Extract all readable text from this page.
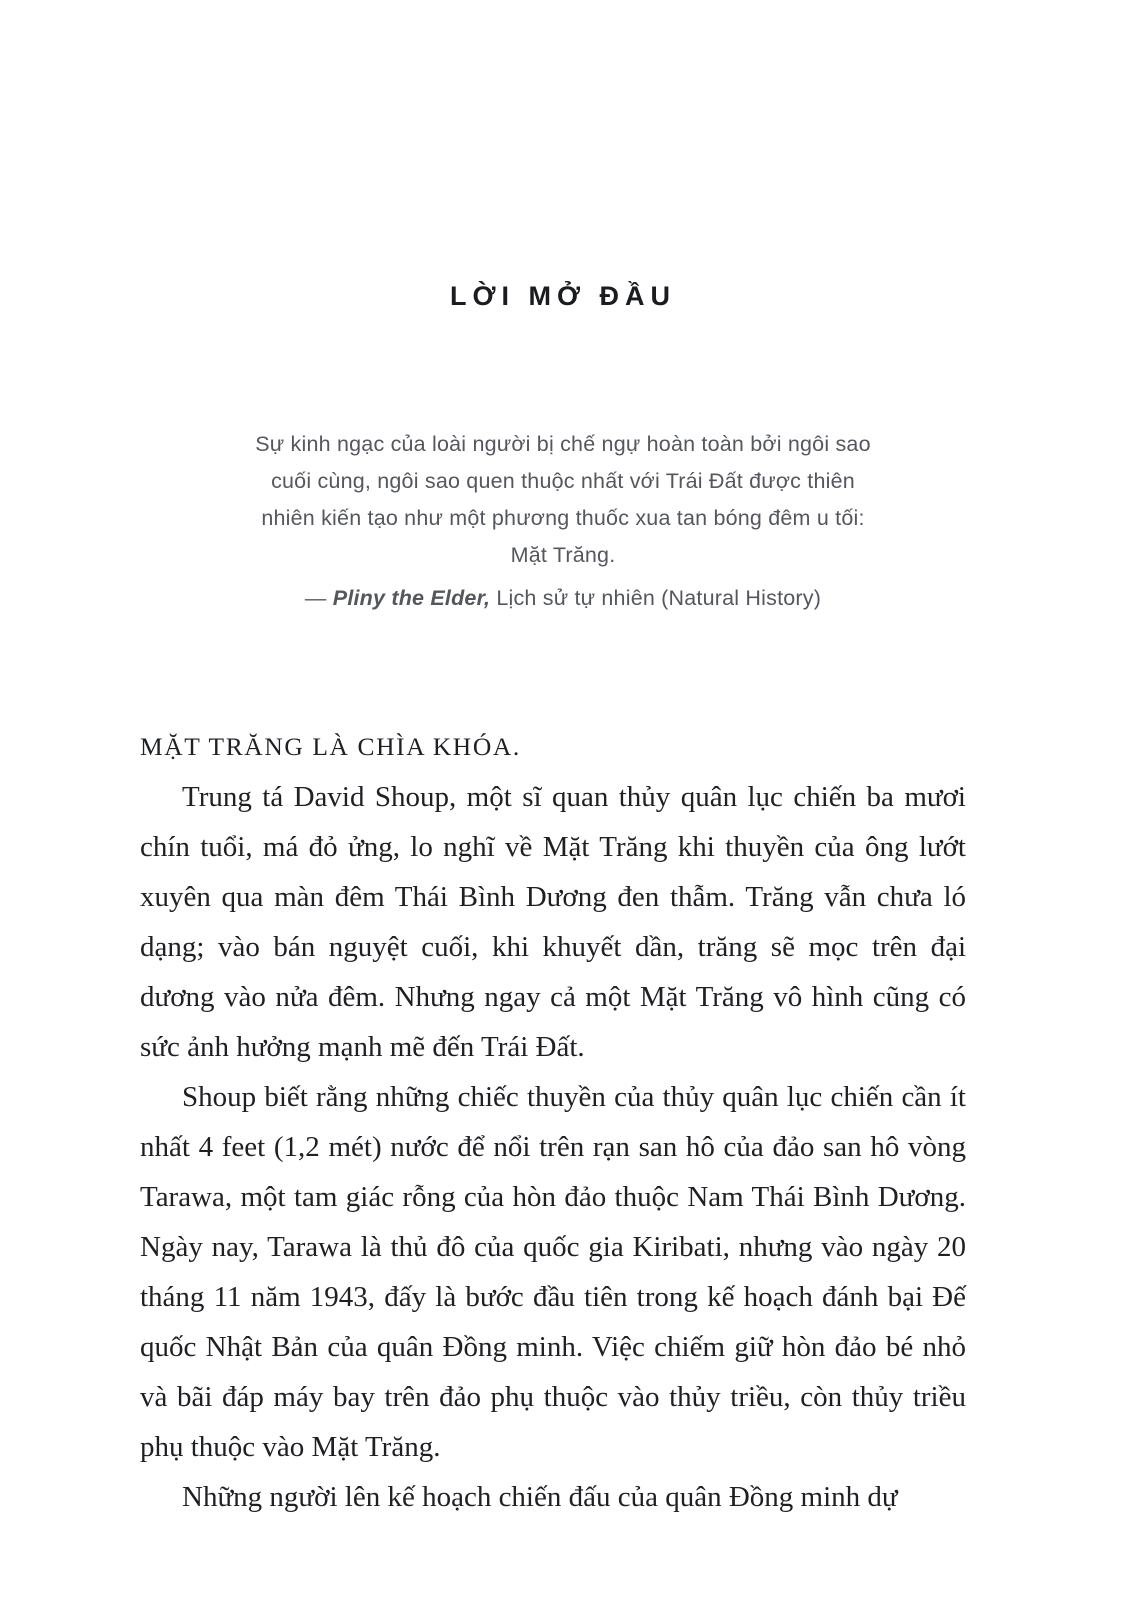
LỜI MỞ ĐẦU
Sự kinh ngạc của loài người bị chế ngự hoàn toàn bởi ngôi sao
cuối cùng, ngôi sao quen thuộc nhất với Trái Đất được thiên
nhiên kiến tạo như một phương thuốc xua tan bóng đêm u tối:
Mặt Trăng.
— Pliny the Elder, Lịch sử tự nhiên (Natural History)
MẶT TRĂNG LÀ CHÌA KHÓA.

Trung tá David Shoup, một sĩ quan thủy quân lục chiến ba mươi chín tuổi, má đỏ ửng, lo nghĩ về Mặt Trăng khi thuyền của ông lướt xuyên qua màn đêm Thái Bình Dương đen thẫm. Trăng vẫn chưa ló dạng; vào bán nguyệt cuối, khi khuyết dần, trăng sẽ mọc trên đại dương vào nửa đêm. Nhưng ngay cả một Mặt Trăng vô hình cũng có sức ảnh hưởng mạnh mẽ đến Trái Đất.

Shoup biết rằng những chiếc thuyền của thủy quân lục chiến cần ít nhất 4 feet (1,2 mét) nước để nổi trên rạn san hô của đảo san hô vòng Tarawa, một tam giác rỗng của hòn đảo thuộc Nam Thái Bình Dương. Ngày nay, Tarawa là thủ đô của quốc gia Kiribati, nhưng vào ngày 20 tháng 11 năm 1943, đấy là bước đầu tiên trong kế hoạch đánh bại Đế quốc Nhật Bản của quân Đồng minh. Việc chiếm giữ hòn đảo bé nhỏ và bãi đáp máy bay trên đảo phụ thuộc vào thủy triều, còn thủy triều phụ thuộc vào Mặt Trăng.

Những người lên kế hoạch chiến đấu của quân Đồng minh dự
